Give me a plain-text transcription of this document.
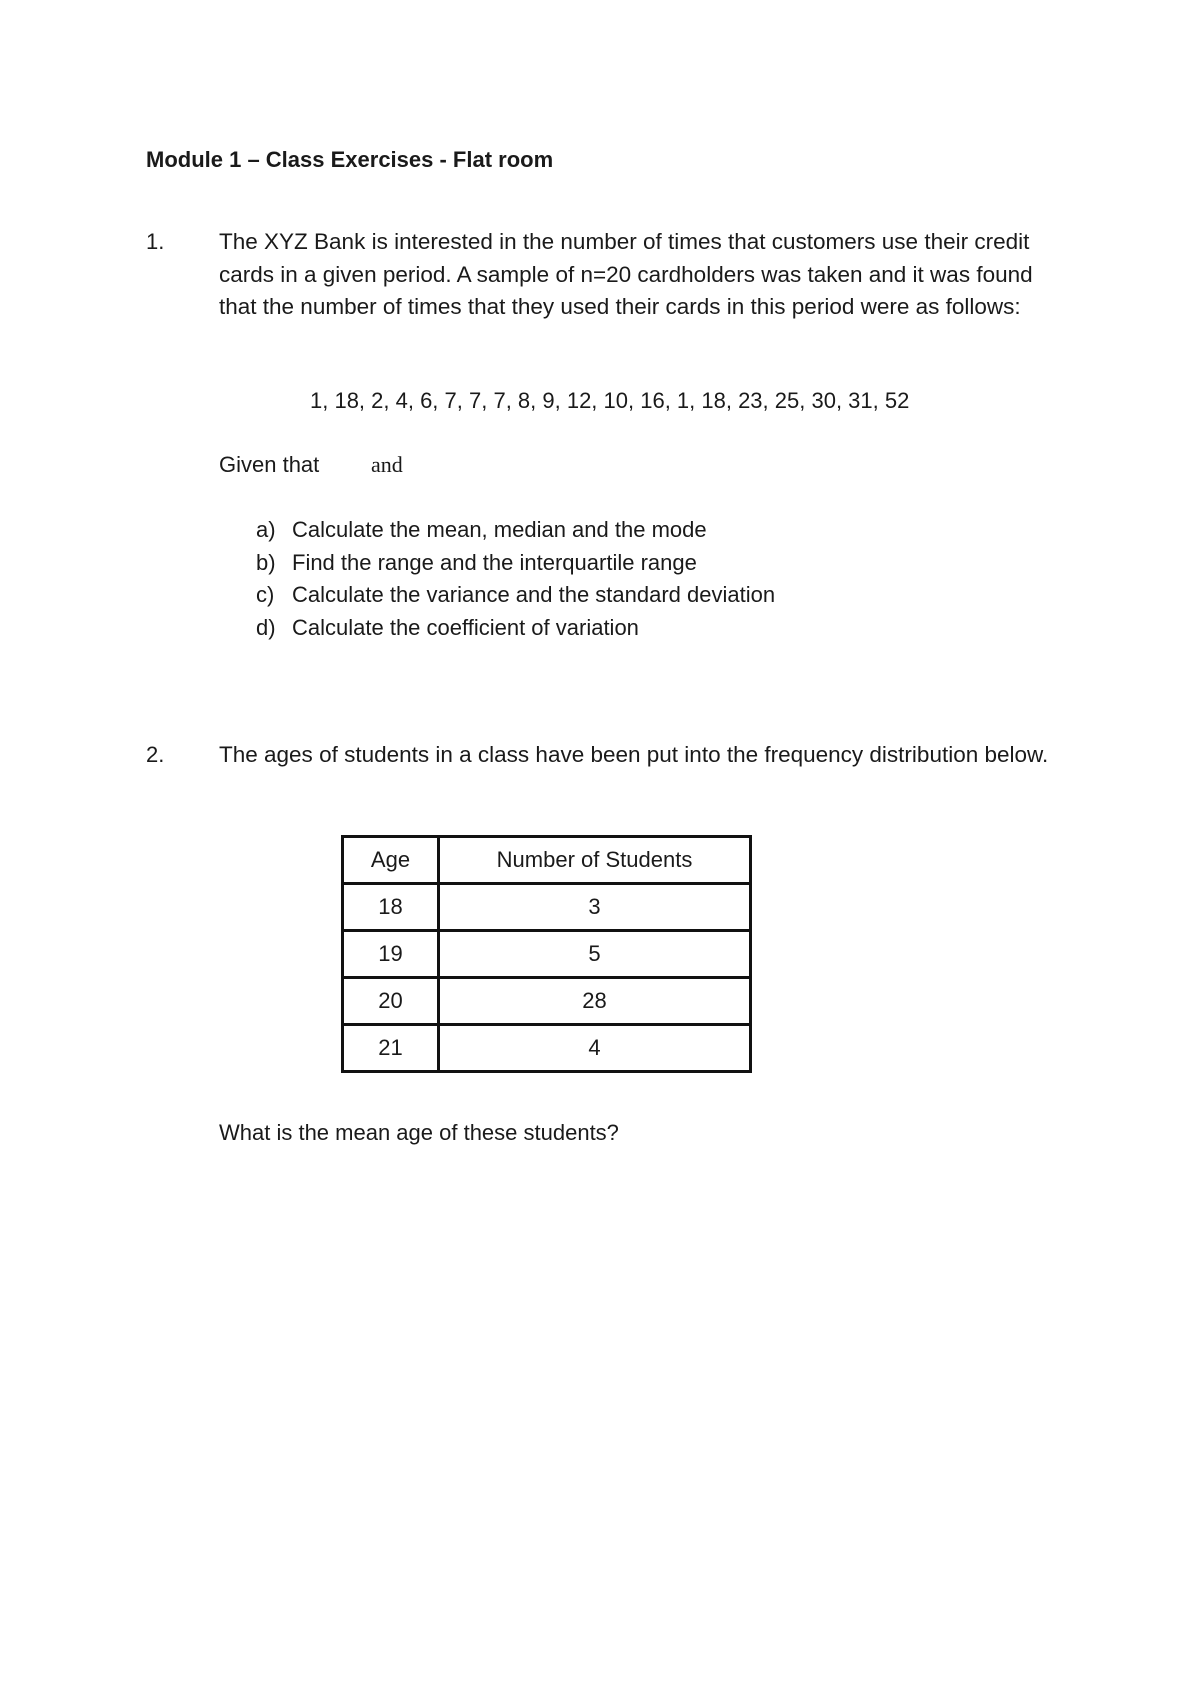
Module 1 – Class Exercises - Flat room
1. The XYZ Bank is interested in the number of times that customers use their credit cards in a given period. A sample of n=20 cardholders was taken and it was found that the number of times that they used their cards in this period were as follows:
1, 18, 2, 4, 6, 7, 7, 7, 8, 9, 12, 10, 16, 1, 18, 23, 25, 30, 31, 52
Given that and
a) Calculate the mean, median and the mode
b) Find the range and the interquartile range
c) Calculate the variance and the standard deviation
d) Calculate the coefficient of variation
2. The ages of students in a class have been put into the frequency distribution below.
Age	Number of Students
18	3
19	5
20	28
21	4
What is the mean age of these students?
